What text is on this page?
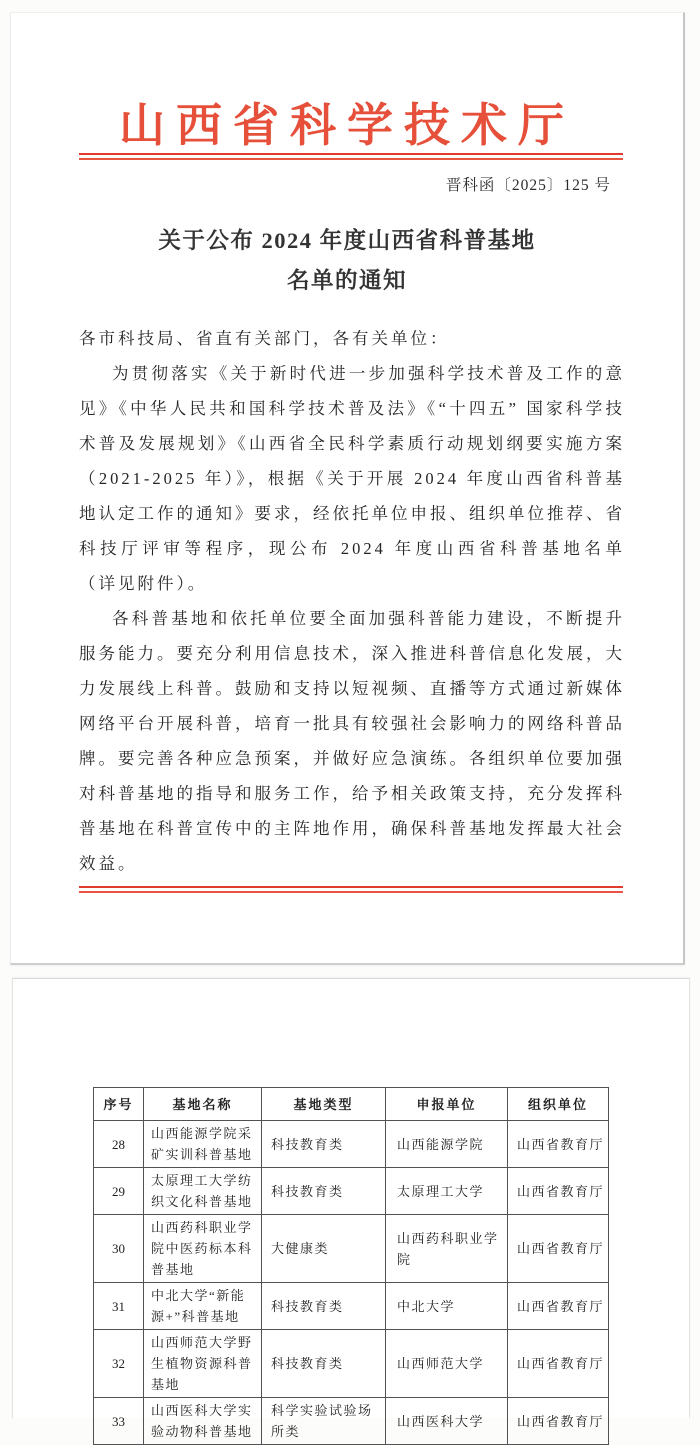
山西省科学技术厅
晋科函〔2025〕125 号
关于公布 2024 年度山西省科普基地
名单的通知

各市科技局、省直有关部门，各有关单位：

为贯彻落实《关于新时代进一步加强科学技术普及工作的意见》《中华人民共和国科学技术普及法》《“十四五” 国家科学技术普及发展规划》《山西省全民科学素质行动规划纲要实施方案（2021-2025 年）》，根据《关于开展 2024 年度山西省科普基地认定工作的通知》要求，经依托单位申报、组织单位推荐、省科技厅评审等程序，现公布 2024 年度山西省科普基地名单（详见附件）。

各科普基地和依托单位要全面加强科普能力建设，不断提升服务能力。要充分利用信息技术，深入推进科普信息化发展，大力发展线上科普。鼓励和支持以短视频、直播等方式通过新媒体网络平台开展科普，培育一批具有较强社会影响力的网络科普品牌。要完善各种应急预案，并做好应急演练。各组织单位要加强对科普基地的指导和服务工作，给予相关政策支持，充分发挥科普基地在科普宣传中的主阵地作用，确保科普基地发挥最大社会效益。

序号	基地名称	基地类型	申报单位	组织单位
28	山西能源学院采矿实训科普基地	科技教育类	山西能源学院	山西省教育厅
29	太原理工大学纺织文化科普基地	科技教育类	太原理工大学	山西省教育厅
30	山西药科职业学院中医药标本科普基地	大健康类	山西药科职业学院	山西省教育厅
31	中北大学“新能源+”科普基地	科技教育类	中北大学	山西省教育厅
32	山西师范大学野生植物资源科普基地	科技教育类	山西师范大学	山西省教育厅
33	山西医科大学实验动物科普基地	科学实验试验场所类	山西医科大学	山西省教育厅
